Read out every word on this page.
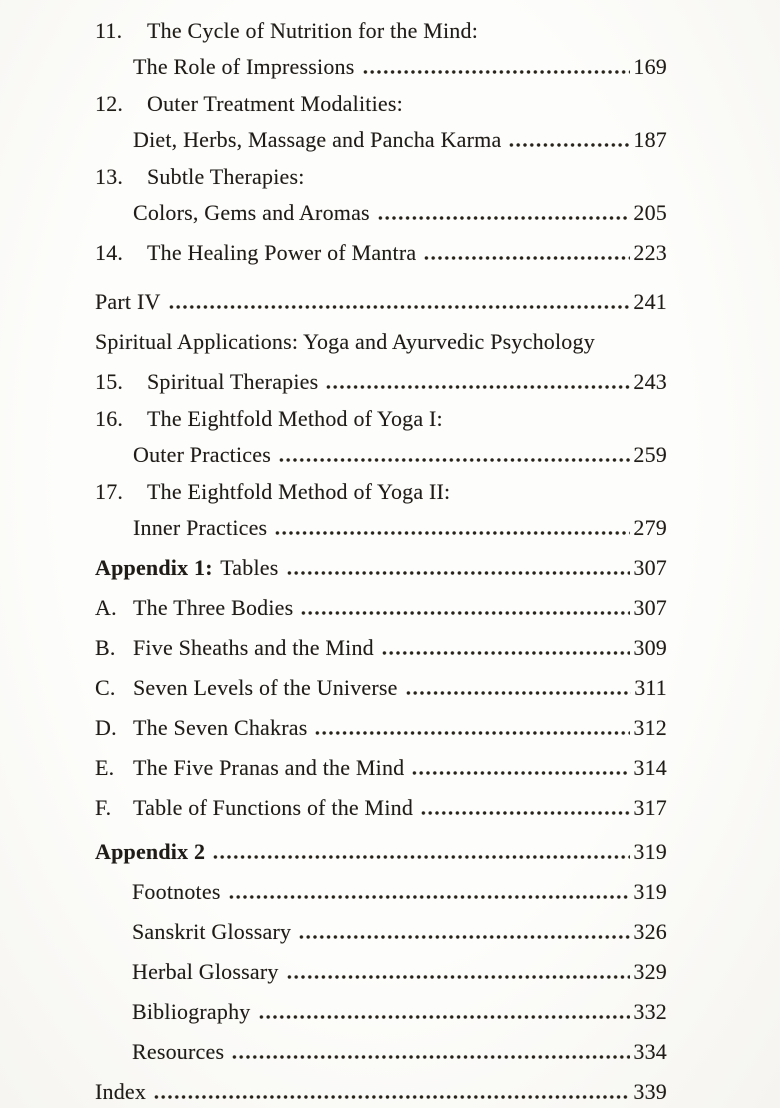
11.	The Cycle of Nutrition for the Mind:
The Role of Impressions	169
12.	Outer Treatment Modalities:
Diet, Herbs, Massage and Pancha Karma	187
13.	Subtle Therapies:
Colors, Gems and Aromas	205
14.	The Healing Power of Mantra	223
Part IV	241
Spiritual Applications: Yoga and Ayurvedic Psychology
15.	Spiritual Therapies	243
16.	The Eightfold Method of Yoga I:
Outer Practices	259
17.	The Eightfold Method of Yoga II:
Inner Practices	279
Appendix 1: Tables	307
A. The Three Bodies	307
B. Five Sheaths and the Mind	309
C. Seven Levels of the Universe	311
D. The Seven Chakras	312
E. The Five Pranas and the Mind	314
F. Table of Functions of the Mind	317
Appendix 2	319
Footnotes	319
Sanskrit Glossary	326
Herbal Glossary	329
Bibliography	332
Resources	334
Index	339
